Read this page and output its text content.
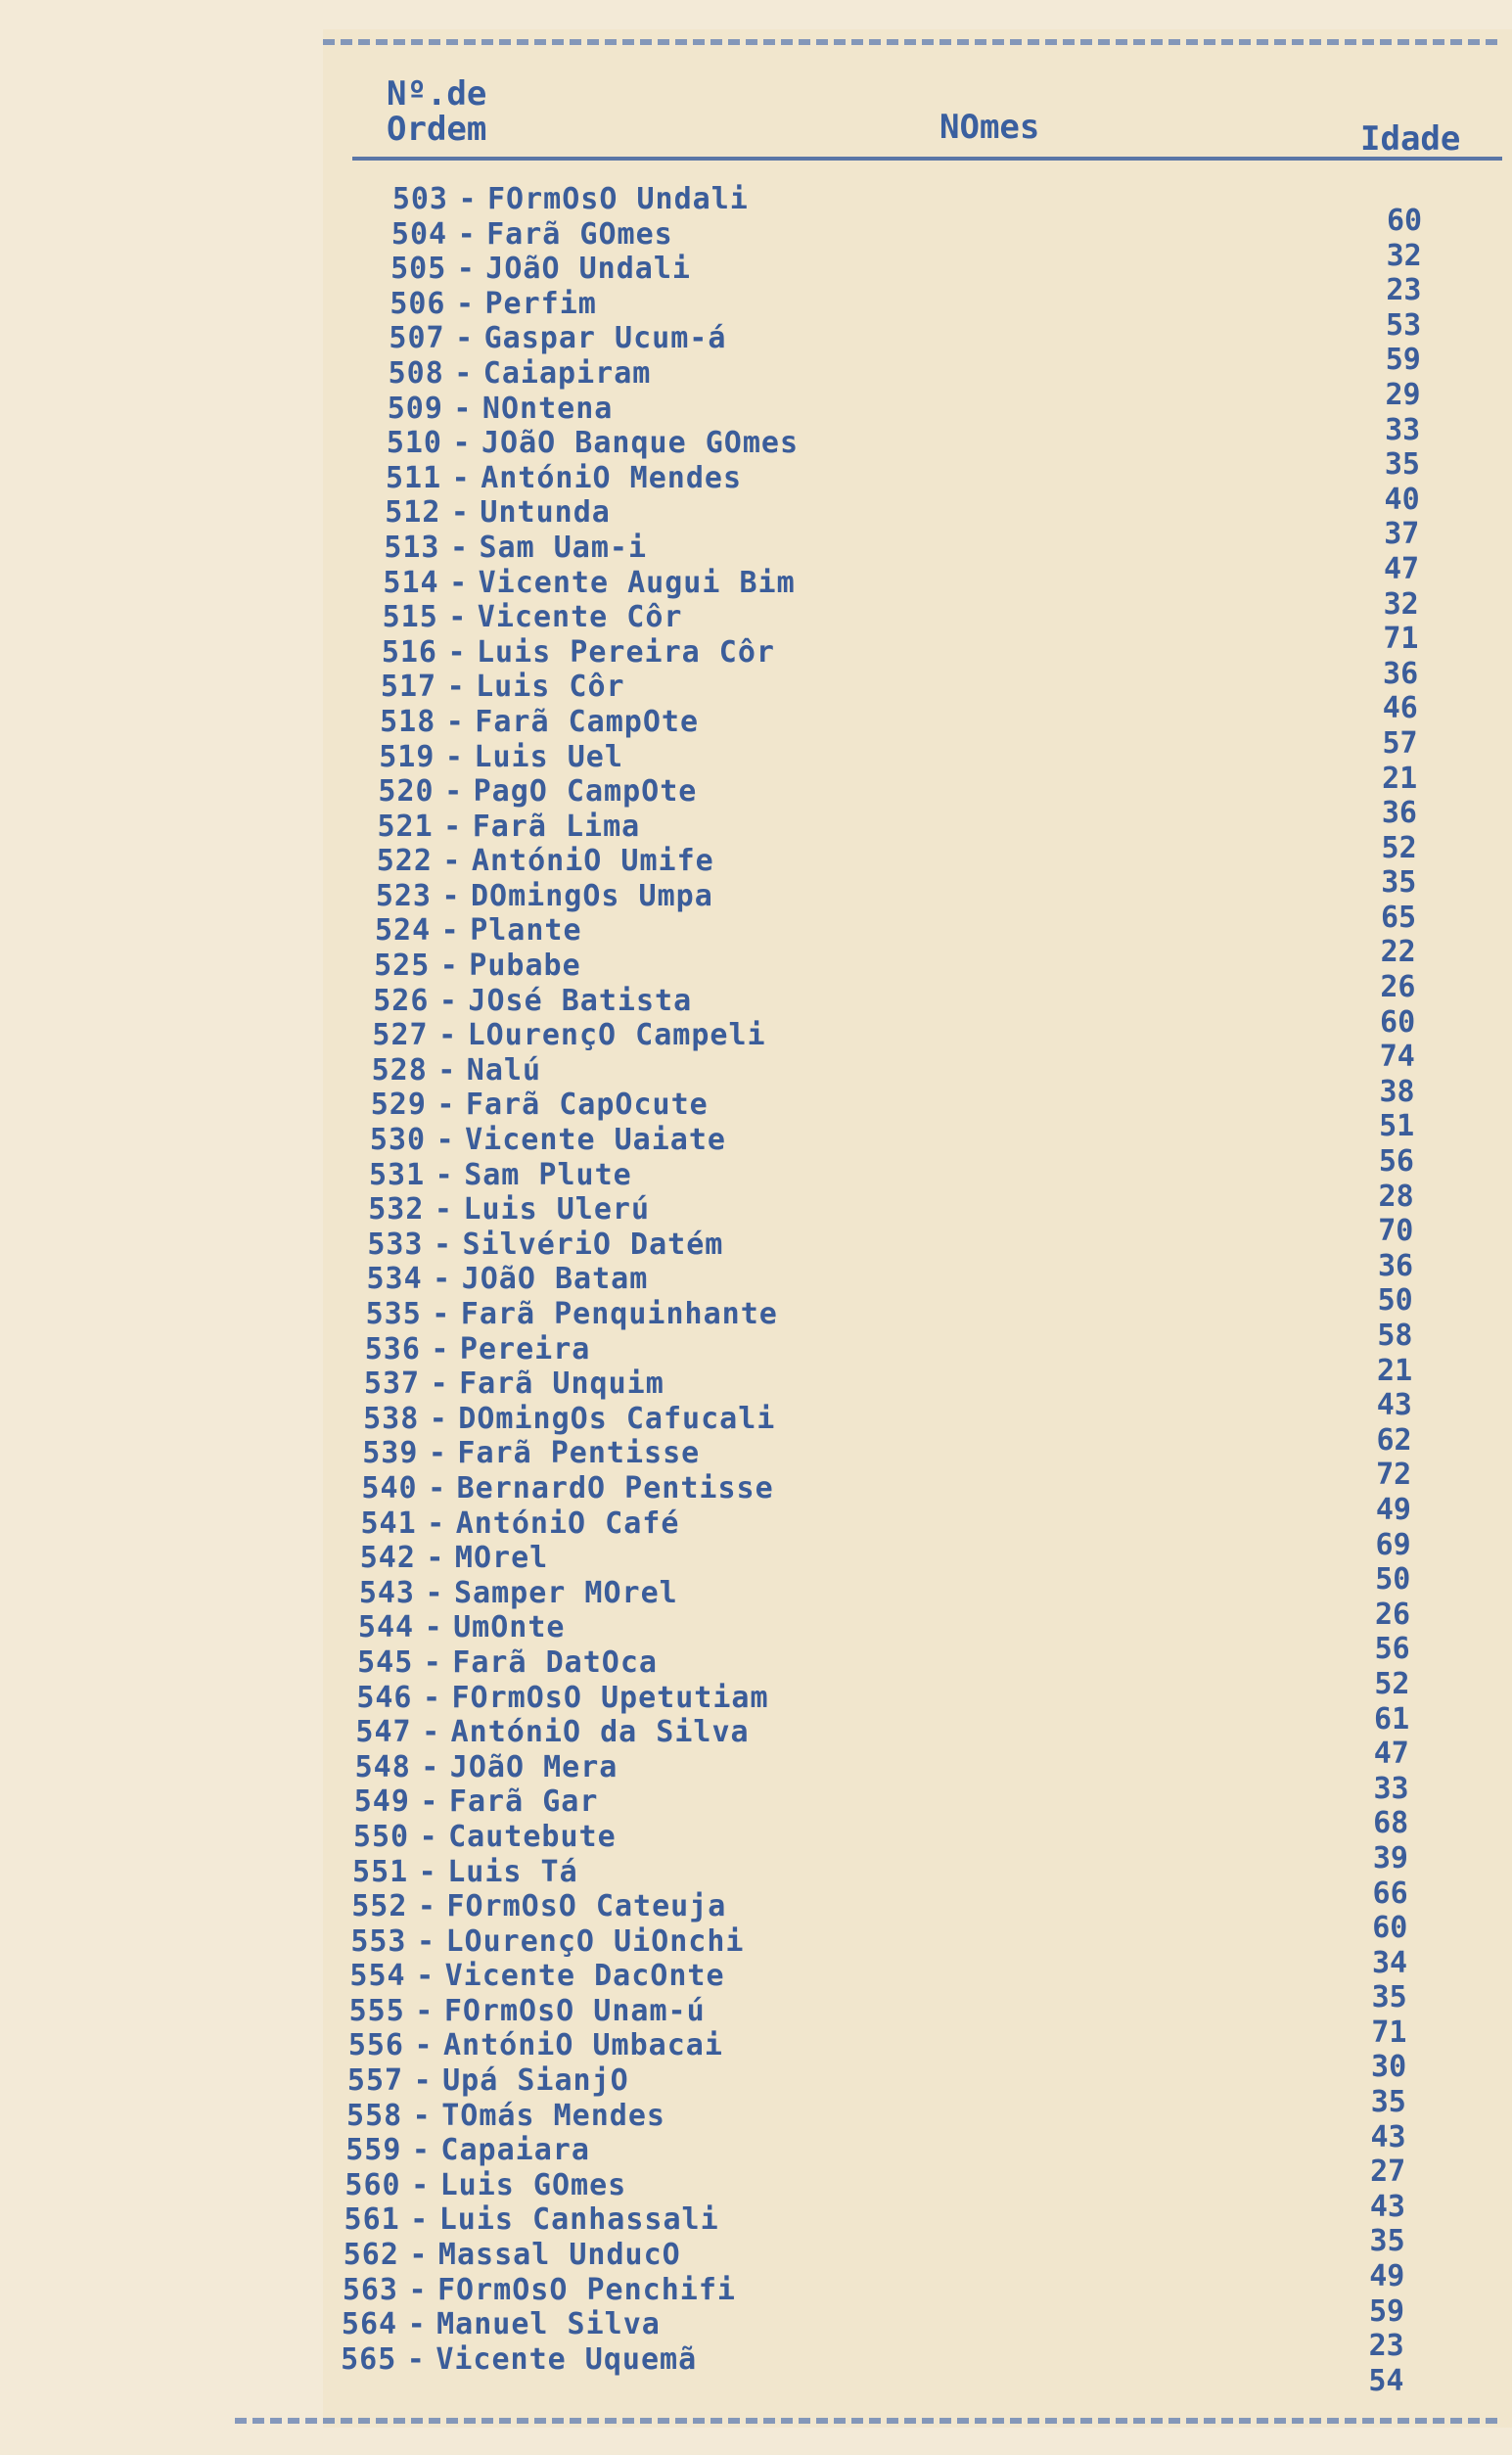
Nº.de
Ordem	NOmes	Idade
503 - FOrmOsO Undali
504 - Farã GOmes
505 - JOãO Undali
506 - Perfim
507 - Gaspar Ucum-á
508 - Caiapiram
509 - NOntena
510 - JOãO Banque GOmes
511 - AntóniO Mendes
512 - Untunda
513 - Sam Uam-i
514 - Vicente Augui Bim
515 - Vicente Côr
516 - Luis Pereira Côr
517 - Luis Côr
518 - Farã CampOte
519 - Luis Uel
520 - PagO CampOte
521 - Farã Lima
522 - AntóniO Umife
523 - DOmingOs Umpa
524 - Plante
525 - Pubabe
526 - JOsé Batista
527 - LOurençO Campeli
528 - Nalú
529 - Farã CapOcute
530 - Vicente Uaiate
531 - Sam Plute
532 - Luis Ulerú
533 - SilvériO Datém
534 - JOãO Batam
535 - Farã Penquinhante
536 - Pereira
537 - Farã Unquim
538 - DOmingOs Cafucali
539 - Farã Pentisse
540 - BernardO Pentisse
541 - AntóniO Café
542 - MOrel
543 - Samper MOrel
544 - UmOnte
545 - Farã DatOca
546 - FOrmOsO Upetutiam
547 - AntóniO da Silva
548 - JOãO Mera
549 - Farã Gar
550 - Cautebute
551 - Luis Tá
552 - FOrmOsO Cateuja
553 - LOurençO UiOnchi
554 - Vicente DacOnte
555 - FOrmOsO Unam-ú
556 - AntóniO Umbacai
557 - Upá SianjO
558 - TOmás Mendes
559 - Capaiara
560 - Luis GOmes
561 - Luis Canhassali
562 - Massal UnducO
563 - FOrmOsO Penchifi
564 - Manuel Silva
565 - Vicente Uquemã
60
32
23
53
59
29
33
35
40
37
47
32
71
36
46
57
21
36
52
35
65
22
26
60
74
38
51
56
28
70
36
50
58
21
43
62
72
49
69
50
26
56
52
61
47
33
68
39
66
60
34
35
71
30
35
43
27
43
35
49
59
23
54
